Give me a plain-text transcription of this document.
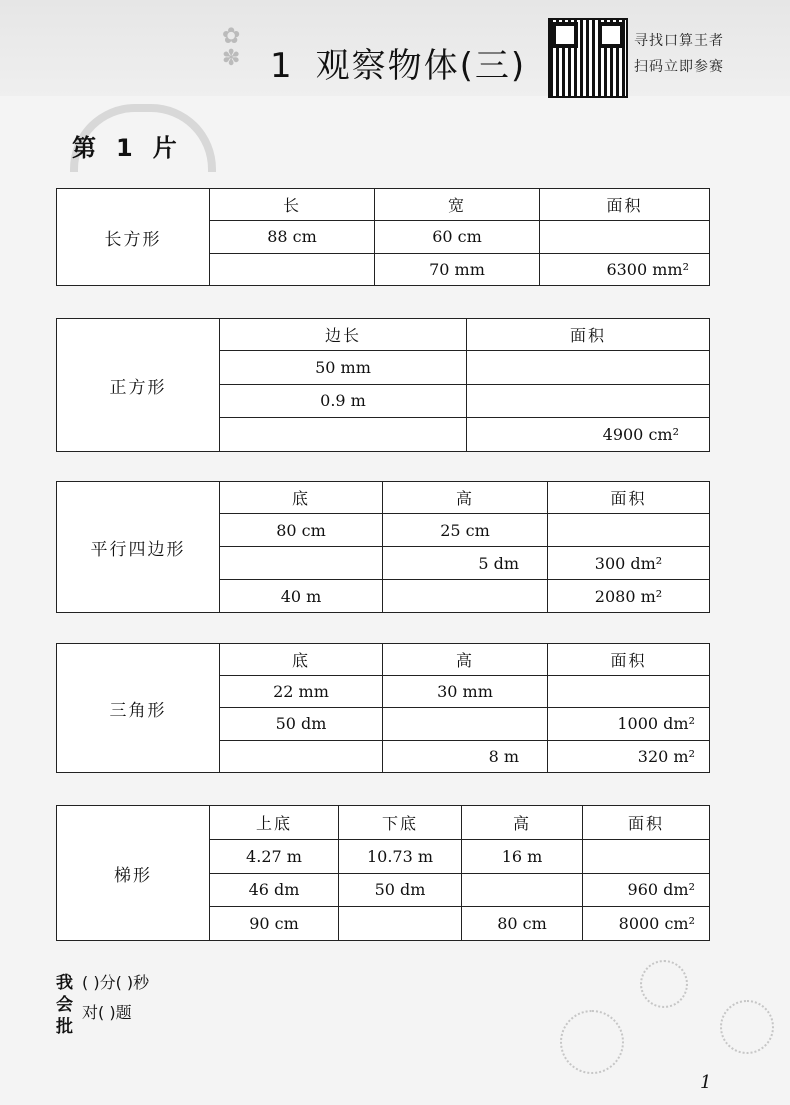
✿
✽ 1 观察物体(三)
寻找口算王者
扫码立即参赛
第 1 片
长方形	长	宽	面积
	88 cm	60 cm	
		70 mm	6300 mm²
正方形	边长	面积
	50 mm	
	0.9 m	
		4900 cm²
平行四边形	底	高	面积
	80 cm	25 cm	
		5 dm	300 dm²
	40 m		2080 m²
三角形	底	高	面积
	22 mm	30 mm	
	50 dm		1000 dm²
		8 m	320 m²
梯形	上底	下底	高	面积
	4.27 m	10.73 m	16 m	
	46 dm	50 dm		960 dm²
	90 cm		80 cm	8000 cm²
我
会
批
( )分( )秒
对( )题
1
